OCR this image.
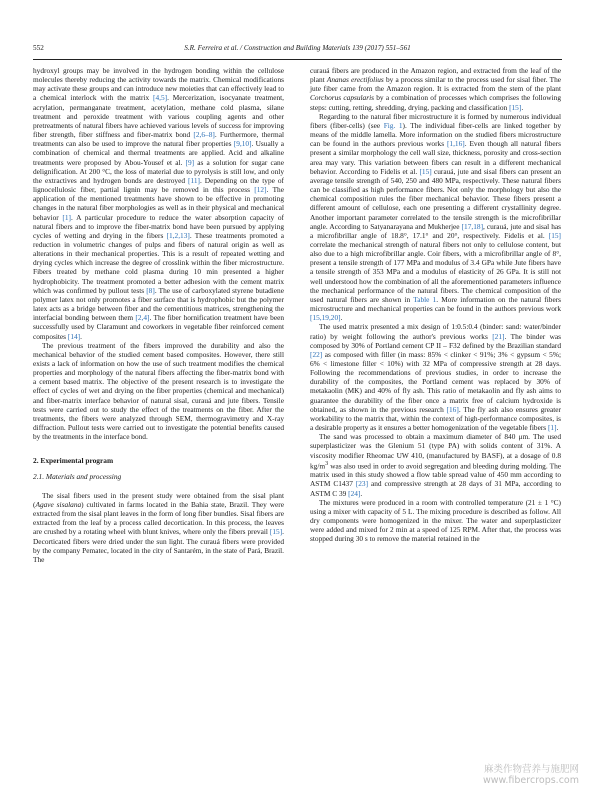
552	S.R. Ferreira et al. / Construction and Building Materials 139 (2017) 551–561

hydroxyl groups may be involved in the hydrogen bonding within the cellulose molecules thereby reducing the activity towards the matrix. Chemical modifications may activate these groups and can introduce new moieties that can effectively lead to a chemical interlock with the matrix [4,5]. Mercerization, isocyanate treatment, acrylation, permanganate treatment, acetylation, methane cold plasma, silane treatment and peroxide treatment with various coupling agents and other pretreatments of natural fibers have achieved various levels of success for improving fiber strength, fiber stiffness and fiber-matrix bond [2,6–8]. Furthermore, thermal treatments can also be used to improve the natural fiber properties [9,10]. Usually a combination of chemical and thermal treatments are applied. Acid and alkaline treatments were proposed by Abou-Yousef et al. [9] as a solution for sugar cane delignification. At 200 °C, the loss of material due to pyrolysis is still low, and only the extractives and hydrogen bonds are destroyed [11]. Depending on the type of lignocellulosic fiber, partial lignin may be removed in this process [12]. The application of the mentioned treatments have shown to be effective in promoting changes in the natural fiber morphologies as well as in their physical and mechanical behavior [1]. A particular procedure to reduce the water absorption capacity of natural fibers and to improve the fiber-matrix bond have been pursued by applying cycles of wetting and drying in the fibers [1,2,13]. These treatments promoted a reduction in volumetric changes of pulps and fibers of natural origin as well as alterations in their mechanical properties. This is a result of repeated wetting and drying cycles which increase the degree of crosslink within the fiber microstructure. Fibers treated by methane cold plasma during 10 min presented a higher hydrophobicity. The treatment promoted a better adhesion with the cement matrix which was confirmed by pullout tests [8]. The use of carboxylated styrene butadiene polymer latex not only promotes a fiber surface that is hydrophobic but the polymer latex acts as a bridge between fiber and the cementitious matrices, strengthening the interfacial bonding between them [2,4]. The fiber hornification treatment have been successfully used by Claramunt and coworkers in vegetable fiber reinforced cement composites [14].

The previous treatment of the fibers improved the durability and also the mechanical behavior of the studied cement based composites. However, there still exists a lack of information on how the use of such treatment modifies the chemical properties and morphology of the natural fibers affecting the fiber-matrix bond with a cement based matrix. The objective of the present research is to investigate the effect of cycles of wet and drying on the fiber properties (chemical and mechanical) and fiber-matrix interface behavior of natural sisal, curauá and jute fibers. Tensile tests were carried out to study the effect of the treatments on the fiber. After the treatments, the fibers were analyzed through SEM, thermogravimetry and X-ray diffraction. Pullout tests were carried out to investigate the potential benefits caused by the treatments in the interface bond.

2. Experimental program
2.1. Materials and processing

The sisal fibers used in the present study were obtained from the sisal plant (Agave sisalana) cultivated in farms located in the Bahia state, Brazil. They were extracted from the sisal plant leaves in the form of long fiber bundles. Sisal fibers are extracted from the leaf by a process called decortication. In this process, the leaves are crushed by a rotating wheel with blunt knives, where only the fibers prevail [15]. Decorticated fibers were dried under the sun light. The curauá fibers were provided by the company Pematec, located in the city of Santarém, in the state of Pará, Brazil. The

curauá fibers are produced in the Amazon region, and extracted from the leaf of the plant Ananas erectifolius by a process similar to the process used for sisal fiber. The jute fiber came from the Amazon region. It is extracted from the stem of the plant Corchorus capsularis by a combination of processes which comprises the following steps: cutting, retting, shredding, drying, packing and classification [15].

Regarding to the natural fiber microstructure it is formed by numerous individual fibers (fiber-cells) (see Fig. 1). The individual fiber-cells are linked together by means of the middle lamella. More information on the studied fibers microstructure can be found in the authors previous works [1,16]. Even though all natural fibers present a similar morphology the cell wall size, thickness, porosity and cross-section area may vary. This variation between fibers can result in a different mechanical behavior. According to Fidelis et al. [15] curauá, jute and sisal fibers can present an average tensile strength of 540, 250 and 480 MPa, respectively. These natural fibers can be classified as high performance fibers. Not only the morphology but also the chemical composition rules the fiber mechanical behavior. These fibers present a different amount of cellulose, each one presenting a different crystallinity degree. Another important parameter correlated to the tensile strength is the microfibrillar angle. According to Satyanarayana and Mukherjee [17,18], curauá, jute and sisal has a microfibrillar angle of 18.8°, 17.1° and 20°, respectively. Fidelis et al. [15] correlate the mechanical strength of natural fibers not only to cellulose content, but also due to a high microfibrillar angle. Coir fibers, with a microfibrillar angle of 8°, present a tensile strength of 177 MPa and modulus of 3.4 GPa while Jute fibers have a tensile strength of 353 MPa and a modulus of elasticity of 26 GPa. It is still not well understood how the combination of all the aforementioned parameters influence the mechanical performance of the natural fibers. The chemical composition of the used natural fibers are shown in Table 1. More information on the natural fibers microstructure and mechanical properties can be found in the authors previous work [15,19,20].

The used matrix presented a mix design of 1:0.5:0.4 (binder: sand: water/binder ratio) by weight following the author's previous works [21]. The binder was composed by 30% of Portland cement CP II – F32 defined by the Brazilian standard [22] as composed with filler (in mass: 85% < clinker < 91%; 3% < gypsum < 5%; 6% < limestone filler < 10%) with 32 MPa of compressive strength at 28 days. Following the recommendations of previous studies, in order to increase the durability of the composites, the Portland cement was replaced by 30% of metakaolin (MK) and 40% of fly ash. This ratio of metakaolin and fly ash aims to guarantee the durability of the fiber once a matrix free of calcium hydroxide is obtained, as shown in the previous research [16]. The fly ash also ensures greater workability to the matrix that, within the context of high-performance composites, is a desirable property as it ensures a better homogenization of the vegetable fibers [1].

The sand was processed to obtain a maximum diameter of 840 μm. The used superplasticizer was the Glenium 51 (type PA) with solids content of 31%. A viscosity modifier Rheomac UW 410, (manufactured by BASF), at a dosage of 0.8 $kg/m^3$ was also used in order to avoid segregation and bleeding during molding. The matrix used in this study showed a flow table spread value of 450 mm according to ASTM C1437 [23] and compressive strength at 28 days of 31 MPa, according to ASTM C 39 [24].

The mixtures were produced in a room with controlled temperature (21 ± 1 °C) using a mixer with capacity of 5 L. The mixing procedure is described as follow. All dry components were homogenized in the mixer. The water and superplasticizer were added and mixed for 2 min at a speed of 125 RPM. After that, the process was stopped during 30 s to remove the material retained in the

麻类作物营养与施肥网
www.fibercrops.com
